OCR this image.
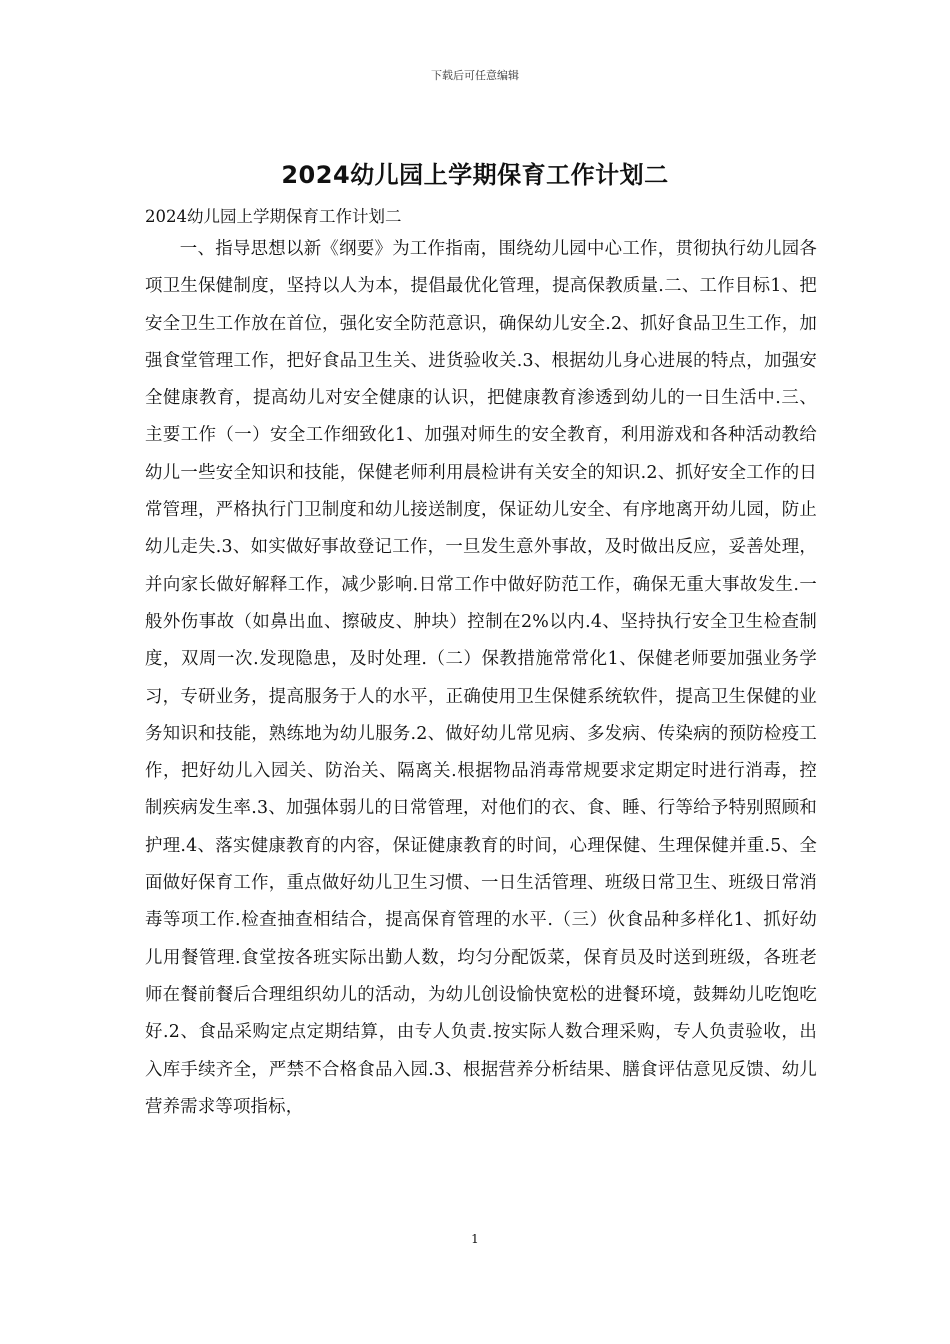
下载后可任意编辑
2024幼儿园上学期保育工作计划二
2024幼儿园上学期保育工作计划二

一、指导思想以新《纲要》为工作指南，围绕幼儿园中心工作，贯彻执行幼儿园各项卫生保健制度，坚持以人为本，提倡最优化管理，提高保教质量.二、工作目标1、把安全卫生工作放在首位，强化安全防范意识，确保幼儿安全.2、抓好食品卫生工作，加强食堂管理工作，把好食品卫生关、进货验收关.3、根据幼儿身心进展的特点，加强安全健康教育，提高幼儿对安全健康的认识，把健康教育渗透到幼儿的一日生活中.三、主要工作（一）安全工作细致化1、加强对师生的安全教育，利用游戏和各种活动教给幼儿一些安全知识和技能，保健老师利用晨检讲有关安全的知识.2、抓好安全工作的日常管理，严格执行门卫制度和幼儿接送制度，保证幼儿安全、有序地离开幼儿园，防止幼儿走失.3、如实做好事故登记工作，一旦发生意外事故，及时做出反应，妥善处理，并向家长做好解释工作，减少影响.日常工作中做好防范工作，确保无重大事故发生.一般外伤事故（如鼻出血、擦破皮、肿块）控制在2%以内.4、坚持执行安全卫生检查制度，双周一次.发现隐患，及时处理.（二）保教措施常常化1、保健老师要加强业务学习，专研业务，提高服务于人的水平，正确使用卫生保健系统软件，提高卫生保健的业务知识和技能，熟练地为幼儿服务.2、做好幼儿常见病、多发病、传染病的预防检疫工作，把好幼儿入园关、防治关、隔离关.根据物品消毒常规要求定期定时进行消毒，控制疾病发生率.3、加强体弱儿的日常管理，对他们的衣、食、睡、行等给予特别照顾和护理.4、落实健康教育的内容，保证健康教育的时间，心理保健、生理保健并重.5、全面做好保育工作，重点做好幼儿卫生习惯、一日生活管理、班级日常卫生、班级日常消毒等项工作.检查抽查相结合，提高保育管理的水平.（三）伙食品种多样化1、抓好幼儿用餐管理.食堂按各班实际出勤人数，均匀分配饭菜，保育员及时送到班级，各班老师在餐前餐后合理组织幼儿的活动，为幼儿创设愉快宽松的进餐环境，鼓舞幼儿吃饱吃好.2、食品采购定点定期结算，由专人负责.按实际人数合理采购，专人负责验收，出入库手续齐全，严禁不合格食品入园.3、根据营养分析结果、膳食评估意见反馈、幼儿营养需求等项指标，

1
